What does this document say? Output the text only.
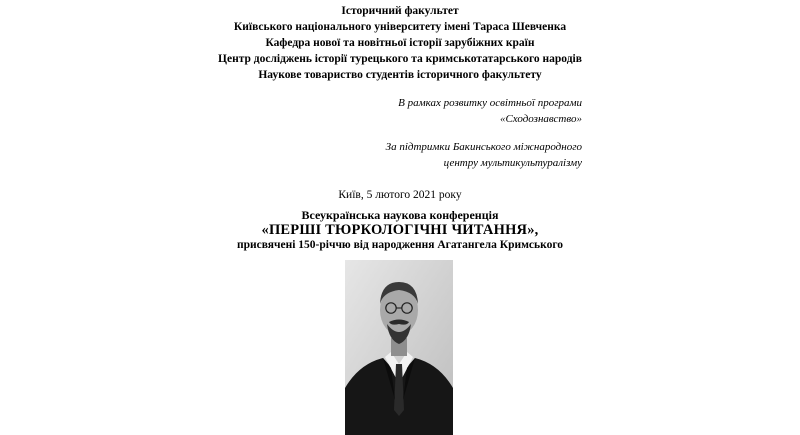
Історичний факультет
Київського національного університету імені Тараса Шевченка
Кафедра нової та новітньої історії зарубіжних країн
Центр досліджень історії турецького та кримськотатарського народів
Наукове товариство студентів історичного факультету
В рамках розвитку освітньої програми
«Сходознавство»
За підтримки Бакинського міжнародного
центру мультикультуралізму
Київ, 5 лютого 2021 року
Всеукраїнська наукова конференція
«ПЕРШІ ТЮРКОЛОГІЧНІ ЧИТАННЯ»,
присвячені 150-річчю від народження Агатангела Кримського
